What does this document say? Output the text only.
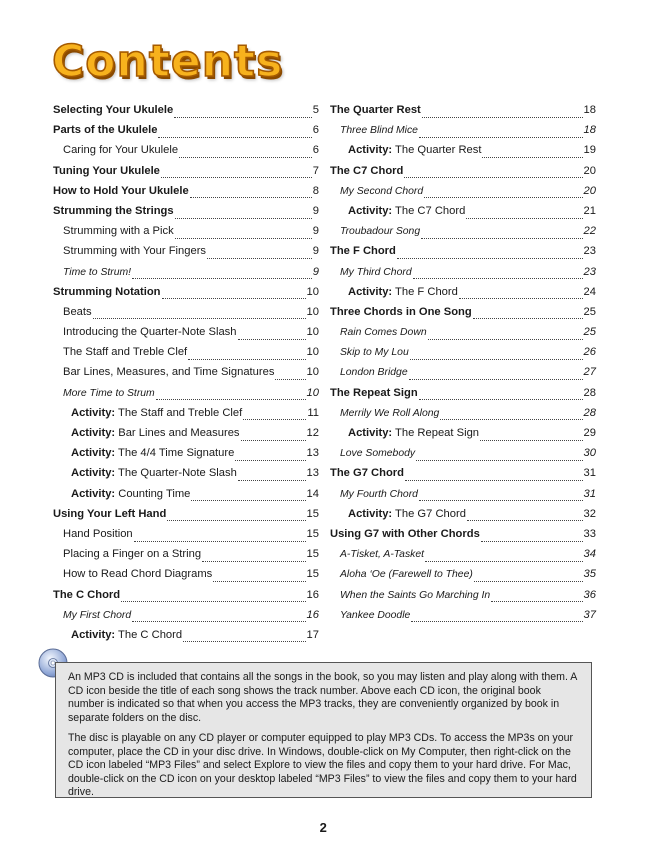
Contents
Selecting Your Ukulele	5
Parts of the Ukulele	6
Caring for Your Ukulele	6
Tuning Your Ukulele	7
How to Hold Your Ukulele	8
Strumming the Strings	9
Strumming with a Pick	9
Strumming with Your Fingers	9
Time to Strum!	9
Strumming Notation	10
Beats	10
Introducing the Quarter-Note Slash	10
The Staff and Treble Clef	10
Bar Lines, Measures, and Time Signatures	10
More Time to Strum	10
Activity: The Staff and Treble Clef	11
Activity: Bar Lines and Measures	12
Activity: The 4/4 Time Signature	13
Activity: The Quarter-Note Slash	13
Activity: Counting Time	14
Using Your Left Hand	15
Hand Position	15
Placing a Finger on a String	15
How to Read Chord Diagrams	15
The C Chord	16
My First Chord	16
Activity: The C Chord	17
The Quarter Rest	18
Three Blind Mice	18
Activity: The Quarter Rest	19
The C7 Chord	20
My Second Chord	20
Activity: The C7 Chord	21
Troubadour Song	22
The F Chord	23
My Third Chord	23
Activity: The F Chord	24
Three Chords in One Song	25
Rain Comes Down	25
Skip to My Lou	26
London Bridge	27
The Repeat Sign	28
Merrily We Roll Along	28
Activity: The Repeat Sign	29
Love Somebody	30
The G7 Chord	31
My Fourth Chord	31
Activity: The G7 Chord	32
Using G7 with Other Chords	33
A-Tisket, A-Tasket	34
Aloha ‘Oe (Farewell to Thee)	35
When the Saints Go Marching In	36
Yankee Doodle	37

An MP3 CD is included that contains all the songs in the book, so you may listen and play along with them. A CD icon beside the title of each song shows the track number. Above each CD icon, the original book number is indicated so that when you access the MP3 tracks, they are conveniently organized by book in separate folders on the disc.

The disc is playable on any CD player or computer equipped to play MP3 CDs. To access the MP3s on your computer, place the CD in your disc drive. In Windows, double-click on My Computer, then right-click on the CD icon labeled “MP3 Files” and select Explore to view the files and copy them to your hard drive. For Mac, double-click on the CD icon on your desktop labeled “MP3 Files” to view the files and copy them to your hard drive.

2
